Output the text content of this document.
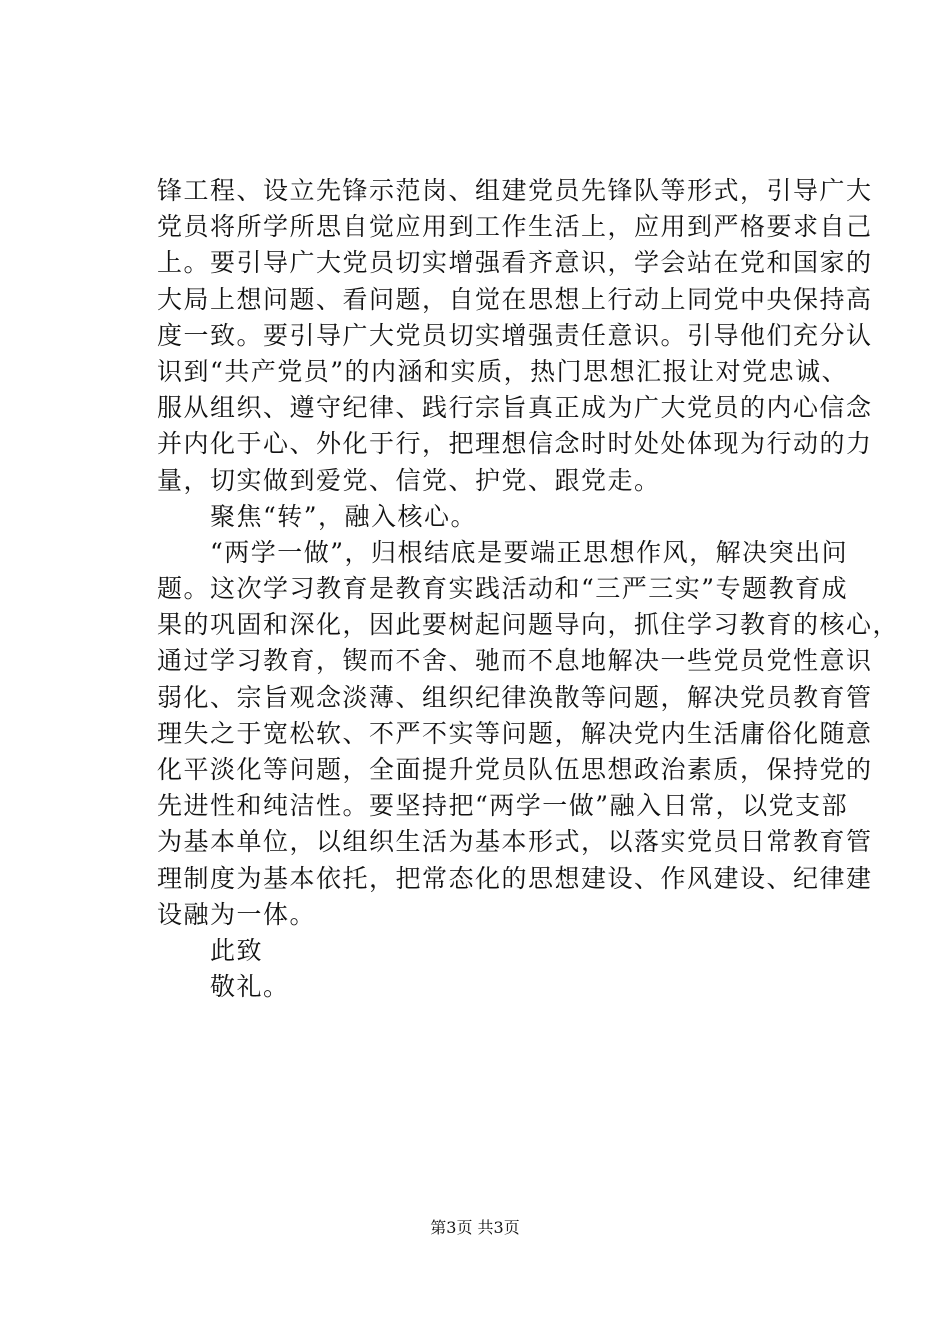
锋工程、设立先锋示范岗、组建党员先锋队等形式，引导广大
党员将所学所思自觉应用到工作生活上，应用到严格要求自己
上。要引导广大党员切实增强看齐意识，学会站在党和国家的
大局上想问题、看问题，自觉在思想上行动上同党中央保持高
度一致。要引导广大党员切实增强责任意识。引导他们充分认
识到“共产党员”的内涵和实质，热门思想汇报让对党忠诚、
服从组织、遵守纪律、践行宗旨真正成为广大党员的内心信念
并内化于心、外化于行，把理想信念时时处处体现为行动的力
量，切实做到爱党、信党、护党、跟党走。
　　聚焦“转”，融入核心。
　　“两学一做”，归根结底是要端正思想作风，解决突出问
题。这次学习教育是教育实践活动和“三严三实”专题教育成
果的巩固和深化，因此要树起问题导向，抓住学习教育的核心，
通过学习教育，锲而不舍、驰而不息地解决一些党员党性意识
弱化、宗旨观念淡薄、组织纪律涣散等问题，解决党员教育管
理失之于宽松软、不严不实等问题，解决党内生活庸俗化随意
化平淡化等问题，全面提升党员队伍思想政治素质，保持党的
先进性和纯洁性。要坚持把“两学一做”融入日常，以党支部
为基本单位，以组织生活为基本形式，以落实党员日常教育管
理制度为基本依托，把常态化的思想建设、作风建设、纪律建
设融为一体。
　　此致
　　敬礼。
第3页 共3页
